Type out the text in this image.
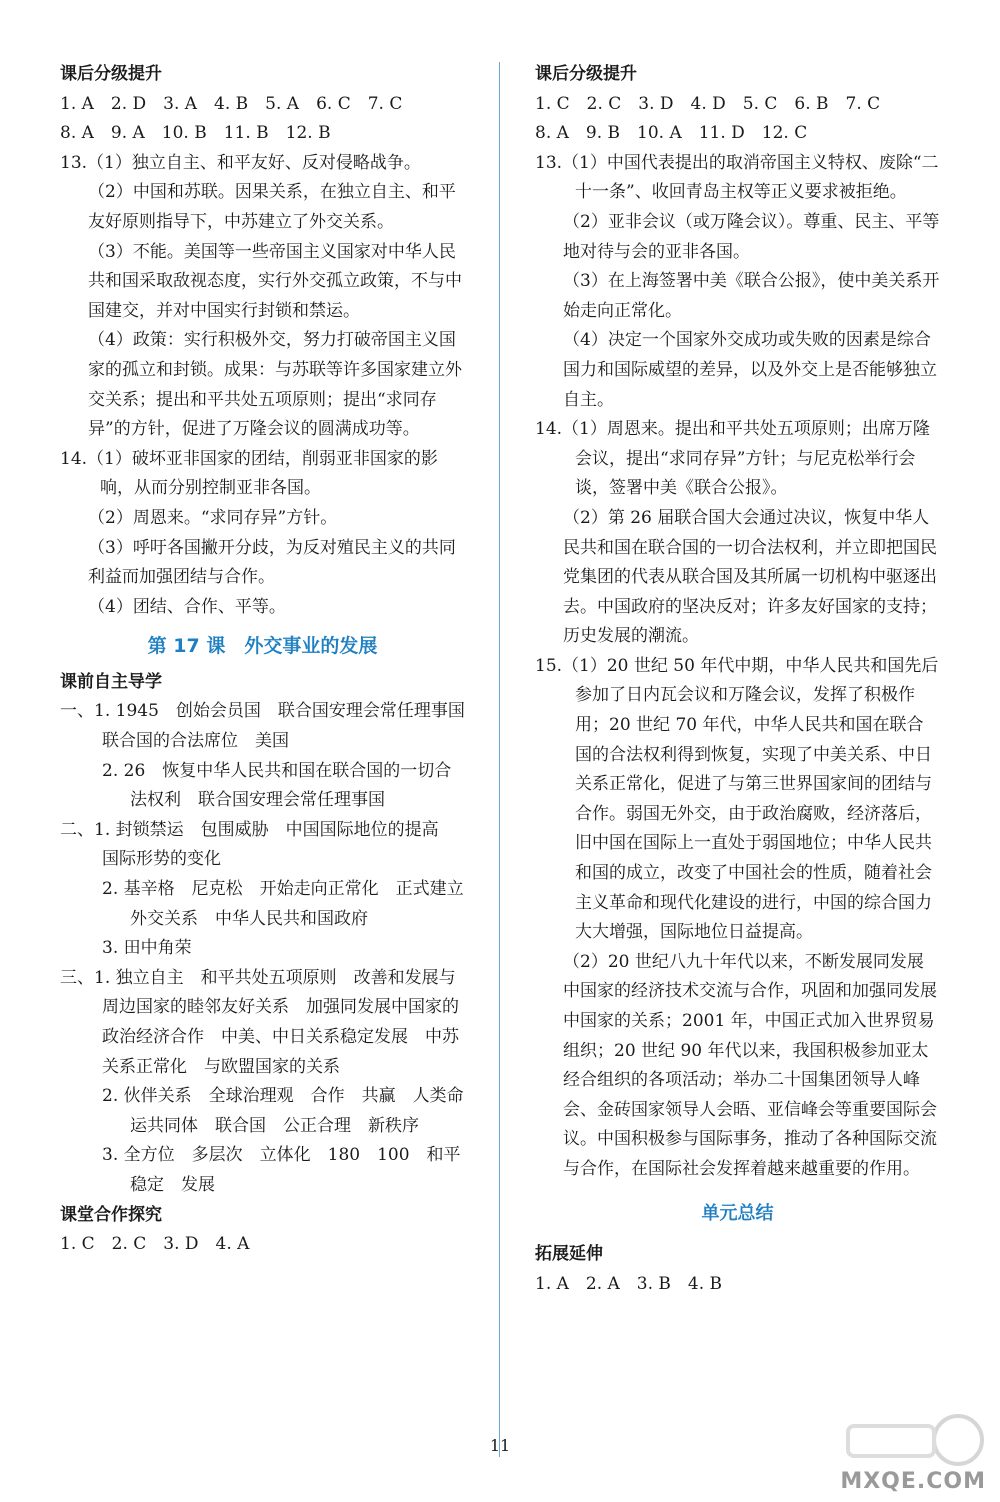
课后分级提升

1. A　2. D　3. A　4. B　5. A　6. C　7. C

8. A　9. A　10. B　11. B　12. B

13.（1）独立自主、和平友好、反对侵略战争。

（2）中国和苏联。因果关系，在独立自主、和平友好原则指导下，中苏建立了外交关系。

（3）不能。美国等一些帝国主义国家对中华人民共和国采取敌视态度，实行外交孤立政策，不与中国建交，并对中国实行封锁和禁运。

（4）政策：实行积极外交，努力打破帝国主义国家的孤立和封锁。成果：与苏联等许多国家建立外交关系；提出和平共处五项原则；提出“求同存异”的方针，促进了万隆会议的圆满成功等。

14.（1）破坏亚非国家的团结，削弱亚非国家的影响，从而分别控制亚非各国。

（2）周恩来。“求同存异”方针。

（3）呼吁各国撇开分歧，为反对殖民主义的共同利益而加强团结与合作。

（4）团结、合作、平等。

第 17 课　外交事业的发展
课前自主导学

一、1. 1945　创始会员国　联合国安理会常任理事国　联合国的合法席位　美国

2. 26　恢复中华人民共和国在联合国的一切合法权利　联合国安理会常任理事国

二、1. 封锁禁运　包围威胁　中国国际地位的提高　国际形势的变化

2. 基辛格　尼克松　开始走向正常化　正式建立外交关系　中华人民共和国政府

3. 田中角荣

三、1. 独立自主　和平共处五项原则　改善和发展与周边国家的睦邻友好关系　加强同发展中国家的政治经济合作　中美、中日关系稳定发展　中苏关系正常化　与欧盟国家的关系

2. 伙伴关系　全球治理观　合作　共赢　人类命运共同体　联合国　公正合理　新秩序

3. 全方位　多层次　立体化　180　100　和平　稳定　发展

课堂合作探究

1. C　2. C　3. D　4. A

课后分级提升

1. C　2. C　3. D　4. D　5. C　6. B　7. C

8. A　9. B　10. A　11. D　12. C

13.（1）中国代表提出的取消帝国主义特权、废除“二十一条”、收回青岛主权等正义要求被拒绝。

（2）亚非会议（或万隆会议）。尊重、民主、平等地对待与会的亚非各国。

（3）在上海签署中美《联合公报》，使中美关系开始走向正常化。

（4）决定一个国家外交成功或失败的因素是综合国力和国际威望的差异，以及外交上是否能够独立自主。

14.（1）周恩来。提出和平共处五项原则；出席万隆会议，提出“求同存异”方针；与尼克松举行会谈，签署中美《联合公报》。

（2）第 26 届联合国大会通过决议，恢复中华人民共和国在联合国的一切合法权利，并立即把国民党集团的代表从联合国及其所属一切机构中驱逐出去。中国政府的坚决反对；许多友好国家的支持；历史发展的潮流。

15.（1）20 世纪 50 年代中期，中华人民共和国先后参加了日内瓦会议和万隆会议，发挥了积极作用；20 世纪 70 年代，中华人民共和国在联合国的合法权利得到恢复，实现了中美关系、中日关系正常化，促进了与第三世界国家间的团结与合作。弱国无外交，由于政治腐败，经济落后，旧中国在国际上一直处于弱国地位；中华人民共和国的成立，改变了中国社会的性质，随着社会主义革命和现代化建设的进行，中国的综合国力大大增强，国际地位日益提高。

（2）20 世纪八九十年代以来，不断发展同发展中国家的经济技术交流与合作，巩固和加强同发展中国家的关系；2001 年，中国正式加入世界贸易组织；20 世纪 90 年代以来，我国积极参加亚太经合组织的各项活动；举办二十国集团领导人峰会、金砖国家领导人会晤、亚信峰会等重要国际会议。中国积极参与国际事务，推动了各种国际交流与合作，在国际社会发挥着越来越重要的作用。

单元总结
拓展延伸

1. A　2. A　3. B　4. B

11
MXQE.COM
